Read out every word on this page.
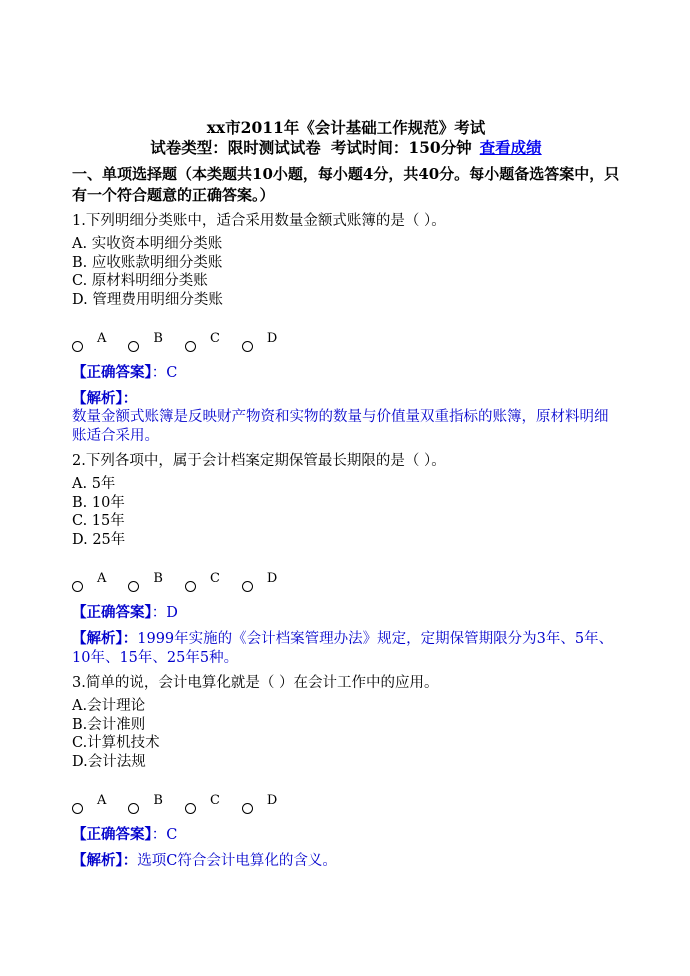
xx市2011年《会计基础工作规范》考试
试卷类型：限时测试试卷 考试时间：150分钟 查看成绩
一、单项选择题（本类题共10小题，每小题4分，共40分。每小题备选答案中，只有一个符合题意的正确答案。）
1.下列明细分类账中，适合采用数量金额式账簿的是（ ）。
A. 实收资本明细分类账
B. 应收账款明细分类账
C. 原材料明细分类账
D. 管理费用明细分类账
A	B	C	D
【正确答案】：C
【解析】：
数量金额式账簿是反映财产物资和实物的数量与价值量双重指标的账簿，原材料明细账适合采用。
2.下列各项中，属于会计档案定期保管最长期限的是（ ）。
A. 5年
B. 10年
C. 15年
D. 25年
A	B	C	D
【正确答案】：D
【解析】：1999年实施的《会计档案管理办法》规定，定期保管期限分为3年、5年、10年、15年、25年5种。
3.简单的说，会计电算化就是（ ）在会计工作中的应用。
A.会计理论
B.会计准则
C.计算机技术
D.会计法规
A	B	C	D
【正确答案】：C
【解析】：选项C符合会计电算化的含义。
